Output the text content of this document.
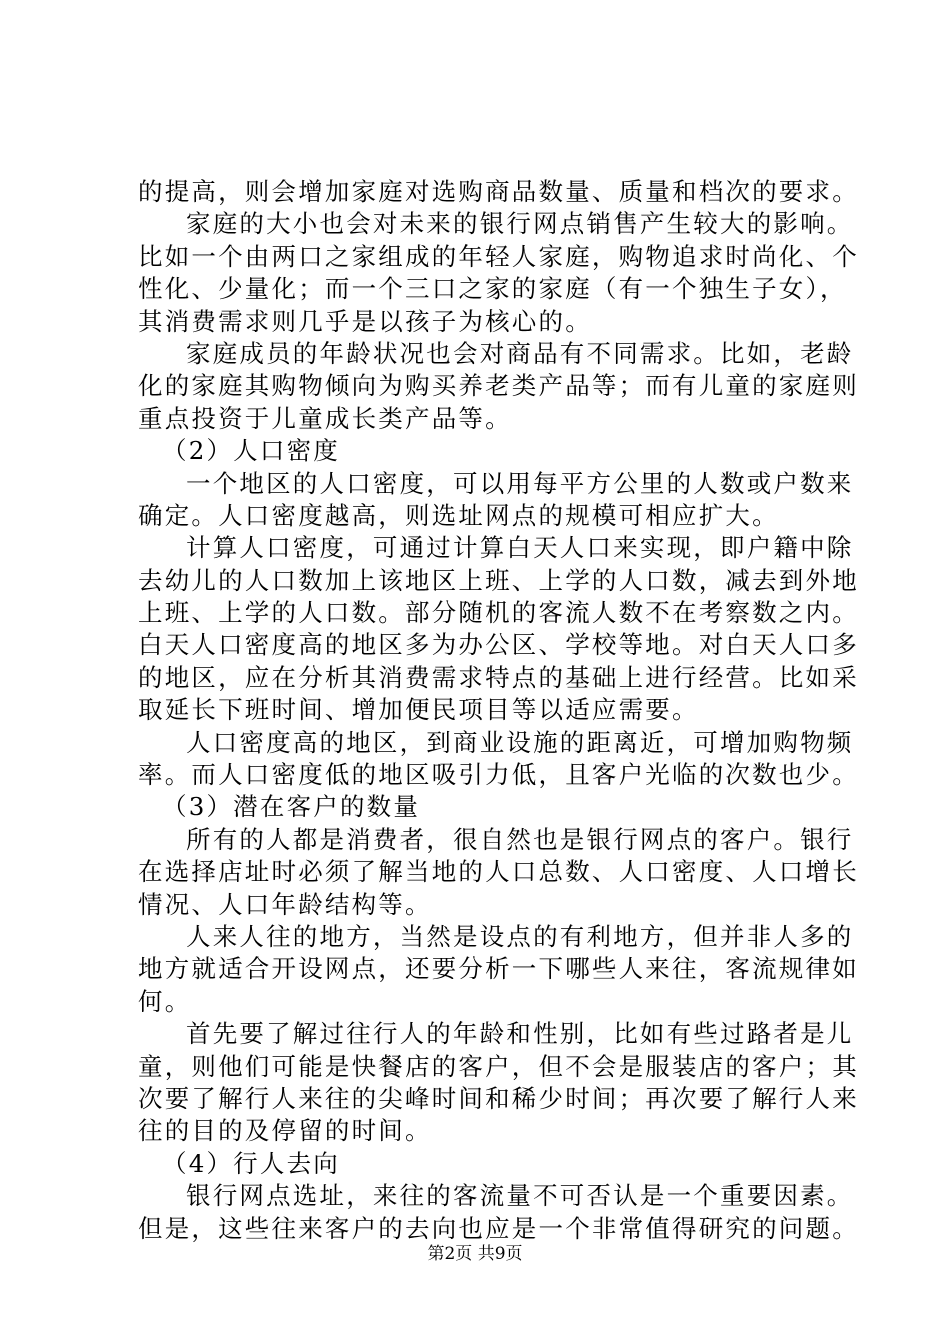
的提高，则会增加家庭对选购商品数量、质量和档次的要求。
家庭的大小也会对未来的银行网点销售产生较大的影响。
比如一个由两口之家组成的年轻人家庭，购物追求时尚化、个
性化、少量化；而一个三口之家的家庭（有一个独生子女），
其消费需求则几乎是以孩子为核心的。
家庭成员的年龄状况也会对商品有不同需求。比如，老龄
化的家庭其购物倾向为购买养老类产品等；而有儿童的家庭则
重点投资于儿童成长类产品等。
（2）人口密度
一个地区的人口密度，可以用每平方公里的人数或户数来
确定。人口密度越高，则选址网点的规模可相应扩大。
计算人口密度，可通过计算白天人口来实现，即户籍中除
去幼儿的人口数加上该地区上班、上学的人口数，减去到外地
上班、上学的人口数。部分随机的客流人数不在考察数之内。
白天人口密度高的地区多为办公区、学校等地。对白天人口多
的地区，应在分析其消费需求特点的基础上进行经营。比如采
取延长下班时间、增加便民项目等以适应需要。
人口密度高的地区，到商业设施的距离近，可增加购物频
率。而人口密度低的地区吸引力低，且客户光临的次数也少。
（3）潜在客户的数量
所有的人都是消费者，很自然也是银行网点的客户。银行
在选择店址时必须了解当地的人口总数、人口密度、人口增长
情况、人口年龄结构等。
人来人往的地方，当然是设点的有利地方，但并非人多的
地方就适合开设网点，还要分析一下哪些人来往，客流规律如
何。
首先要了解过往行人的年龄和性别，比如有些过路者是儿
童，则他们可能是快餐店的客户，但不会是服装店的客户；其
次要了解行人来往的尖峰时间和稀少时间；再次要了解行人来
往的目的及停留的时间。
（4）行人去向
银行网点选址，来往的客流量不可否认是一个重要因素。
但是，这些往来客户的去向也应是一个非常值得研究的问题。
第2页 共9页
